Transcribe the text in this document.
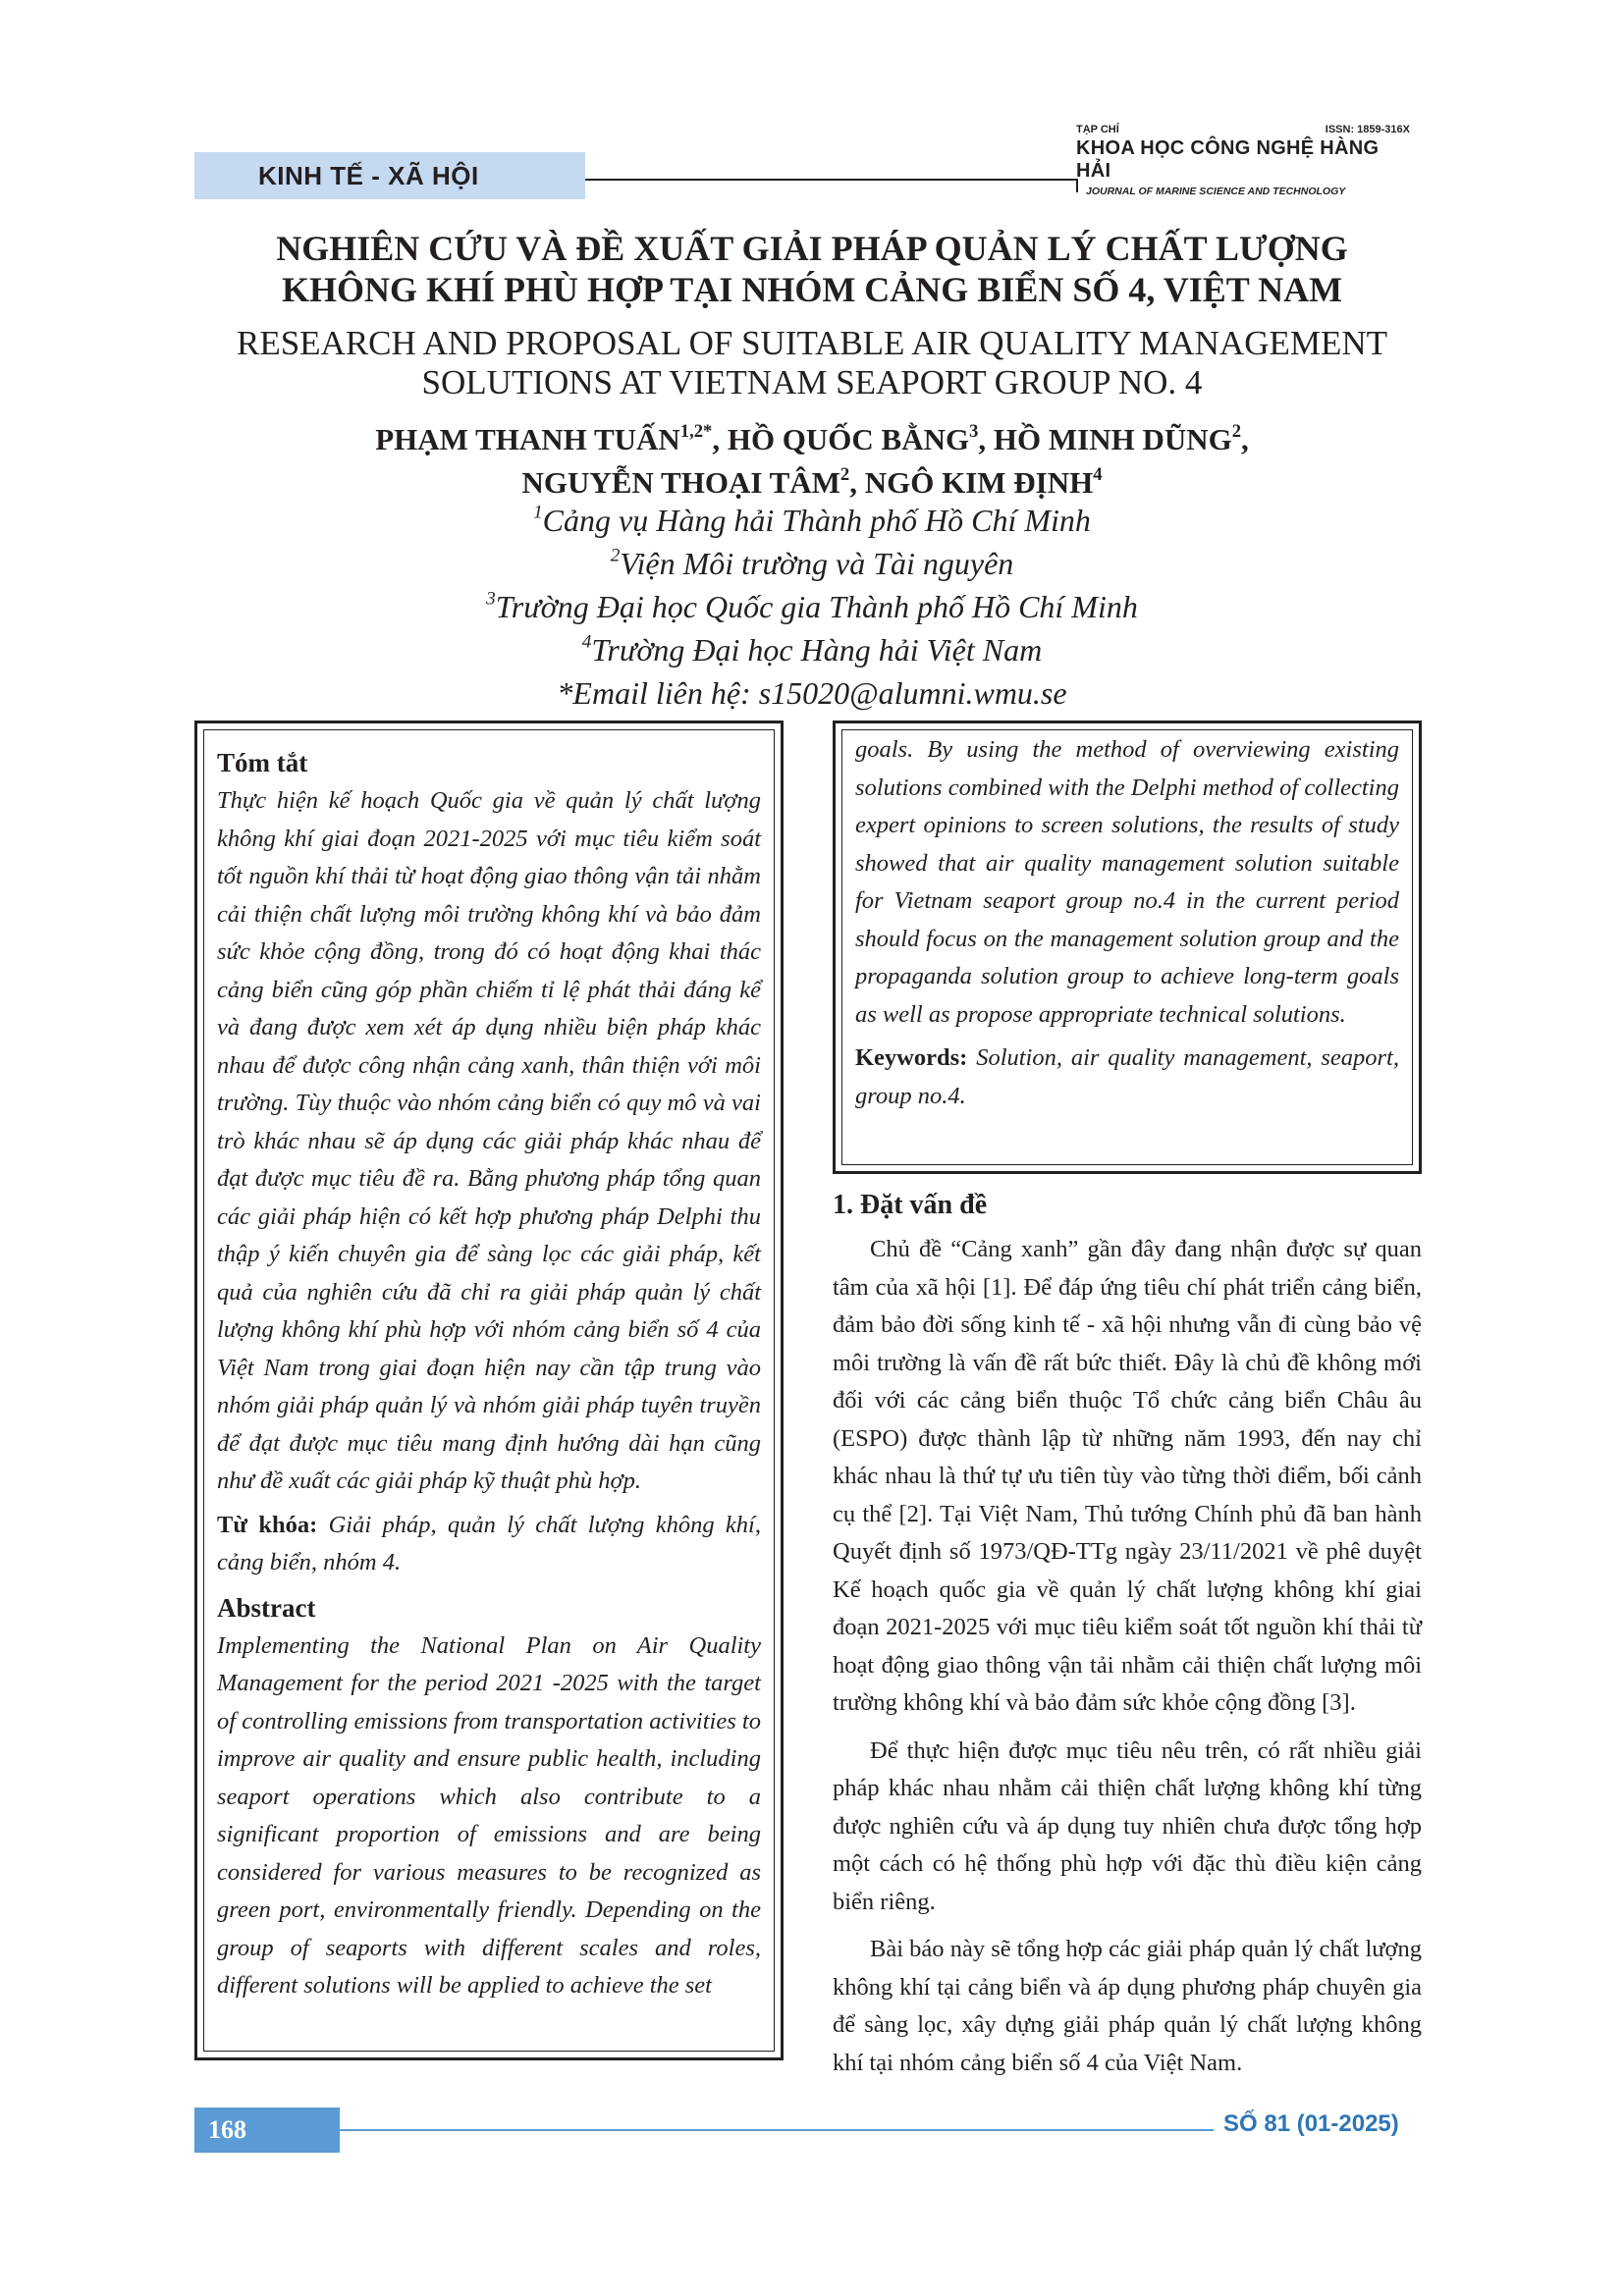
KINH TẾ - XÃ HỘI
TẠP CHÍ	ISSN: 1859-316X
KHOA HỌC CÔNG NGHỆ HÀNG HẢI
JOURNAL OF MARINE SCIENCE AND TECHNOLOGY
NGHIÊN CỨU VÀ ĐỀ XUẤT GIẢI PHÁP QUẢN LÝ CHẤT LƯỢNG
KHÔNG KHÍ PHÙ HỢP TẠI NHÓM CẢNG BIỂN SỐ 4, VIỆT NAM
RESEARCH AND PROPOSAL OF SUITABLE AIR QUALITY MANAGEMENT
SOLUTIONS AT VIETNAM SEAPORT GROUP NO. 4
PHẠM THANH TUẤN$^{1,2*}$, HỒ QUỐC BẰNG$^3$, HỒ MINH DŨNG$^2$,
NGUYỄN THOẠI TÂM$^2$, NGÔ KIM ĐỊNH$^4$
$^1$Cảng vụ Hàng hải Thành phố Hồ Chí Minh
$^2$Viện Môi trường và Tài nguyên
$^3$Trường Đại học Quốc gia Thành phố Hồ Chí Minh
$^4$Trường Đại học Hàng hải Việt Nam
*Email liên hệ: s15020@alumni.wmu.se
Tóm tắt
Thực hiện kế hoạch Quốc gia về quản lý chất lượng không khí giai đoạn 2021-2025 với mục tiêu kiểm soát tốt nguồn khí thải từ hoạt động giao thông vận tải nhằm cải thiện chất lượng môi trường không khí và bảo đảm sức khỏe cộng đồng, trong đó có hoạt động khai thác cảng biển cũng góp phần chiếm tỉ lệ phát thải đáng kể và đang được xem xét áp dụng nhiều biện pháp khác nhau để được công nhận cảng xanh, thân thiện với môi trường. Tùy thuộc vào nhóm cảng biển có quy mô và vai trò khác nhau sẽ áp dụng các giải pháp khác nhau để đạt được mục tiêu đề ra. Bằng phương pháp tổng quan các giải pháp hiện có kết hợp phương pháp Delphi thu thập ý kiến chuyên gia để sàng lọc các giải pháp, kết quả của nghiên cứu đã chỉ ra giải pháp quản lý chất lượng không khí phù hợp với nhóm cảng biển số 4 của Việt Nam trong giai đoạn hiện nay cần tập trung vào nhóm giải pháp quản lý và nhóm giải pháp tuyên truyền để đạt được mục tiêu mang định hướng dài hạn cũng như đề xuất các giải pháp kỹ thuật phù hợp.
Từ khóa: Giải pháp, quản lý chất lượng không khí, cảng biển, nhóm 4.
Abstract
Implementing the National Plan on Air Quality Management for the period 2021 -2025 with the target of controlling emissions from transportation activities to improve air quality and ensure public health, including seaport operations which also contribute to a significant proportion of emissions and are being considered for various measures to be recognized as green port, environmentally friendly. Depending on the group of seaports with different scales and roles, different solutions will be applied to achieve the set
goals. By using the method of overviewing existing solutions combined with the Delphi method of collecting expert opinions to screen solutions, the results of study showed that air quality management solution suitable for Vietnam seaport group no.4 in the current period should focus on the management solution group and the propaganda solution group to achieve long-term goals as well as propose appropriate technical solutions.
Keywords: Solution, air quality management, seaport, group no.4.
1. Đặt vấn đề

Chủ đề “Cảng xanh” gần đây đang nhận được sự quan tâm của xã hội [1]. Để đáp ứng tiêu chí phát triển cảng biển, đảm bảo đời sống kinh tế - xã hội nhưng vẫn đi cùng bảo vệ môi trường là vấn đề rất bức thiết. Đây là chủ đề không mới đối với các cảng biển thuộc Tổ chức cảng biển Châu âu (ESPO) được thành lập từ những năm 1993, đến nay chỉ khác nhau là thứ tự ưu tiên tùy vào từng thời điểm, bối cảnh cụ thể [2]. Tại Việt Nam, Thủ tướng Chính phủ đã ban hành Quyết định số 1973/QĐ-TTg ngày 23/11/2021 về phê duyệt Kế hoạch quốc gia về quản lý chất lượng không khí giai đoạn 2021-2025 với mục tiêu kiểm soát tốt nguồn khí thải từ hoạt động giao thông vận tải nhằm cải thiện chất lượng môi trường không khí và bảo đảm sức khỏe cộng đồng [3].

Để thực hiện được mục tiêu nêu trên, có rất nhiều giải pháp khác nhau nhằm cải thiện chất lượng không khí từng được nghiên cứu và áp dụng tuy nhiên chưa được tổng hợp một cách có hệ thống phù hợp với đặc thù điều kiện cảng biển riêng.

Bài báo này sẽ tổng hợp các giải pháp quản lý chất lượng không khí tại cảng biển và áp dụng phương pháp chuyên gia để sàng lọc, xây dựng giải pháp quản lý chất lượng không khí tại nhóm cảng biển số 4 của Việt Nam.

168	SỐ 81 (01-2025)
